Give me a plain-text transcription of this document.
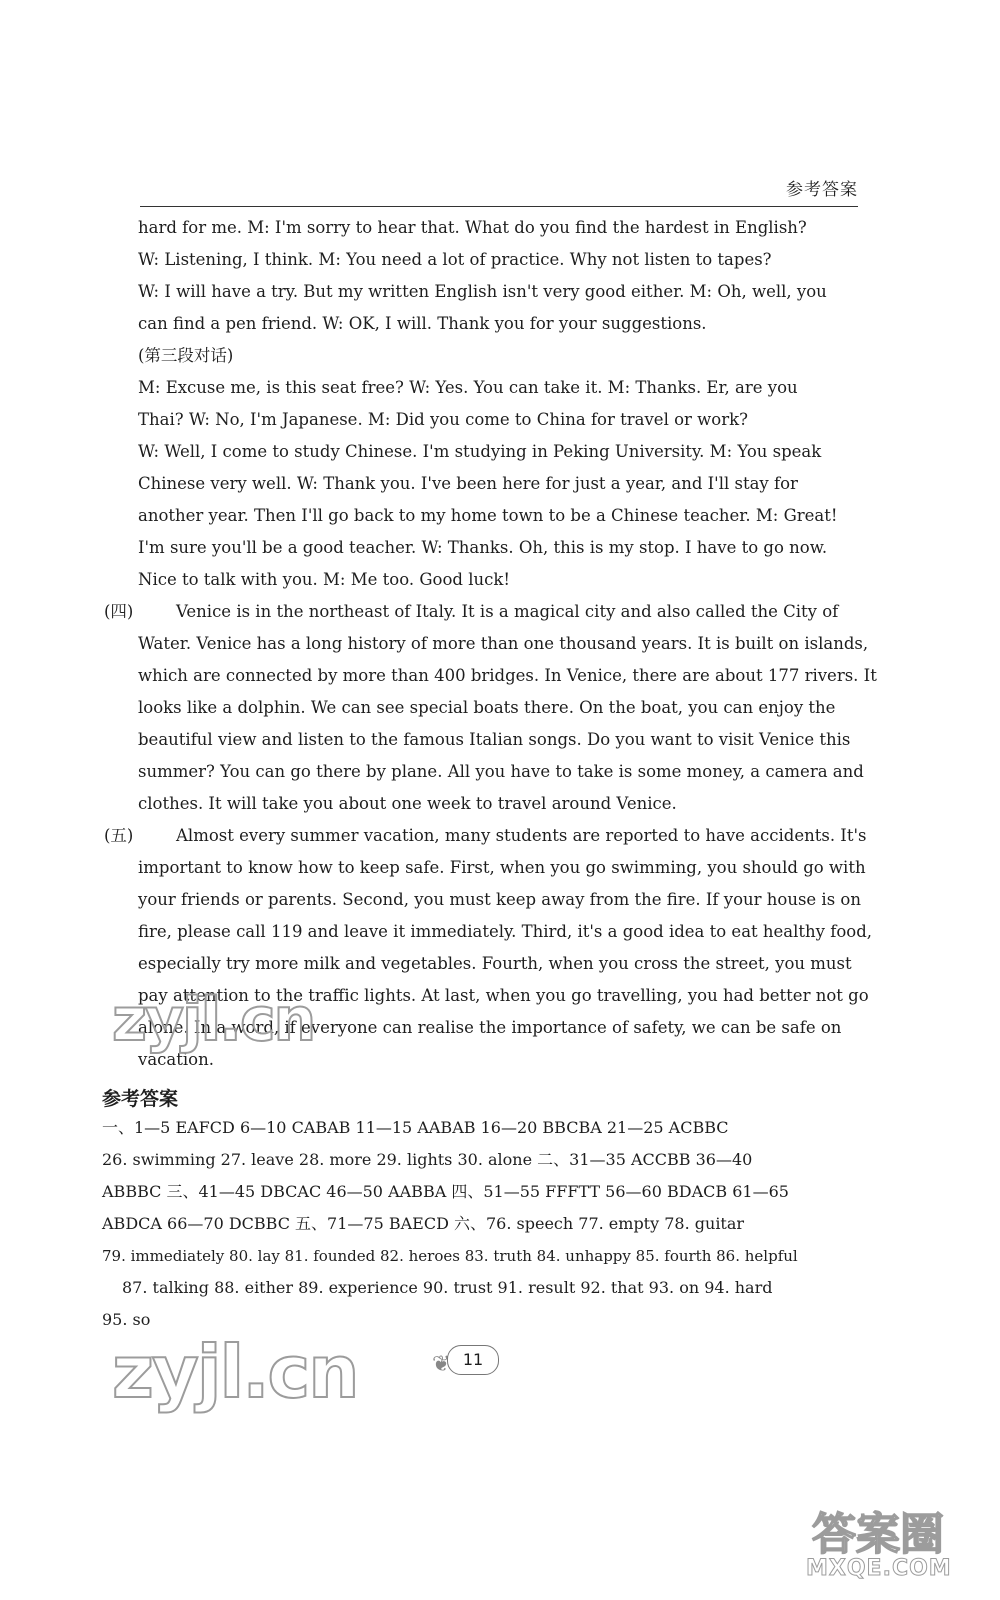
参考答案
hard for me. M: I'm sorry to hear that. What do you find the hardest in English?
W: Listening, I think. M: You need a lot of practice. Why not listen to tapes?
W: I will have a try. But my written English isn't very good either. M: Oh, well, you
can find a pen friend. W: OK, I will. Thank you for your suggestions.
(第三段对话)
M: Excuse me, is this seat free? W: Yes. You can take it. M: Thanks. Er, are you
Thai? W: No, I'm Japanese. M: Did you come to China for travel or work?
W: Well, I come to study Chinese. I'm studying in Peking University. M: You speak
Chinese very well. W: Thank you. I've been here for just a year, and I'll stay for
another year. Then I'll go back to my home town to be a Chinese teacher. M: Great!
I'm sure you'll be a good teacher. W: Thanks. Oh, this is my stop. I have to go now.
Nice to talk with you. M: Me too. Good luck!
(四)	Venice is in the northeast of Italy. It is a magical city and also called the City of
Water. Venice has a long history of more than one thousand years. It is built on islands,
which are connected by more than 400 bridges. In Venice, there are about 177 rivers. It
looks like a dolphin. We can see special boats there. On the boat, you can enjoy the
beautiful view and listen to the famous Italian songs. Do you want to visit Venice this
summer? You can go there by plane. All you have to take is some money, a camera and
clothes. It will take you about one week to travel around Venice.
(五)	Almost every summer vacation, many students are reported to have accidents. It's
important to know how to keep safe. First, when you go swimming, you should go with
your friends or parents. Second, you must keep away from the fire. If your house is on
fire, please call 119 and leave it immediately. Third, it's a good idea to eat healthy food,
especially try more milk and vegetables. Fourth, when you cross the street, you must
pay attention to the traffic lights. At last, when you go travelling, you had better not go
alone. In a word, if everyone can realise the importance of safety, we can be safe on
vacation.
zyjl.cn
参考答案
一、1—5 EAFCD 6—10 CABAB 11—15 AABAB 16—20 BBCBA 21—25 ACBBC
26. swimming 27. leave 28. more 29. lights 30. alone 二、31—35 ACCBB 36—40
ABBBC 三、41—45 DBCAC 46—50 AABBA 四、51—55 FFFTT 56—60 BDACB 61—65
ABDCA 66—70 DCBBC 五、71—75 BAECD 六、76. speech 77. empty 78. guitar
79. immediately 80. lay 81. founded 82. heroes 83. truth 84. unhappy 85. fourth 86. helpful
87. talking 88. either 89. experience 90. trust 91. result 92. that 93. on 94. hard
95. so
zyjl.cn	❦ 11
答案圈
MXQE.COM
